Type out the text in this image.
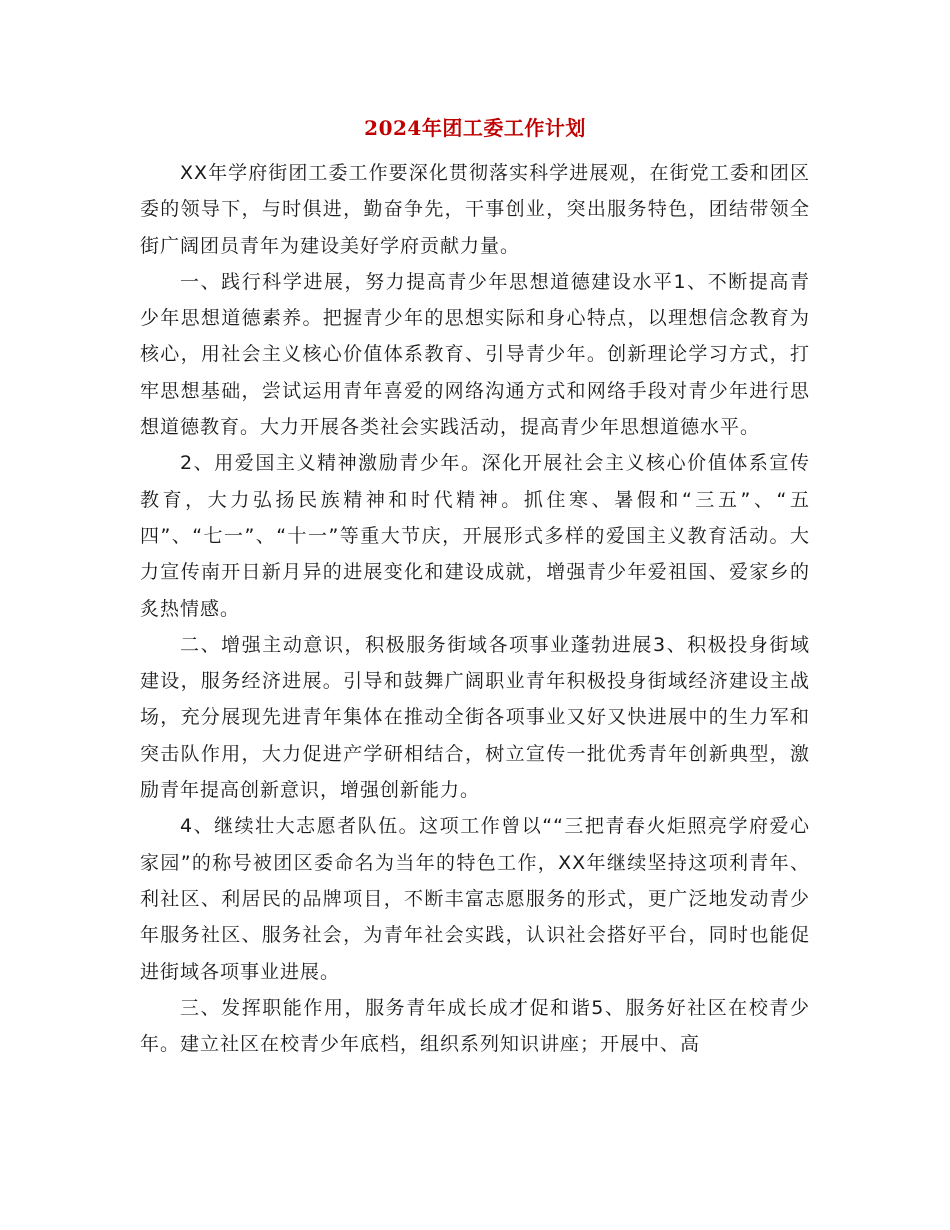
2024年团工委工作计划

XX年学府街团工委工作要深化贯彻落实科学进展观，在街党工委和团区委的领导下，与时俱进，勤奋争先，干事创业，突出服务特色，团结带领全街广阔团员青年为建设美好学府贡献力量。

一、践行科学进展，努力提高青少年思想道德建设水平1、不断提高青少年思想道德素养。把握青少年的思想实际和身心特点，以理想信念教育为核心，用社会主义核心价值体系教育、引导青少年。创新理论学习方式，打牢思想基础，尝试运用青年喜爱的网络沟通方式和网络手段对青少年进行思想道德教育。大力开展各类社会实践活动，提高青少年思想道德水平。

2、用爱国主义精神激励青少年。深化开展社会主义核心价值体系宣传教育，大力弘扬民族精神和时代精神。抓住寒、暑假和“三五”、“五四”、“七一”、“十一”等重大节庆，开展形式多样的爱国主义教育活动。大力宣传南开日新月异的进展变化和建设成就，增强青少年爱祖国、爱家乡的炙热情感。

二、增强主动意识，积极服务街域各项事业蓬勃进展3、积极投身街域建设，服务经济进展。引导和鼓舞广阔职业青年积极投身街域经济建设主战场，充分展现先进青年集体在推动全街各项事业又好又快进展中的生力军和突击队作用，大力促进产学研相结合，树立宣传一批优秀青年创新典型，激励青年提高创新意识，增强创新能力。

4、继续壮大志愿者队伍。这项工作曾以““三把青春火炬照亮学府爱心家园”的称号被团区委命名为当年的特色工作，XX年继续坚持这项利青年、利社区、利居民的品牌项目，不断丰富志愿服务的形式，更广泛地发动青少年服务社区、服务社会，为青年社会实践，认识社会搭好平台，同时也能促进街域各项事业进展。

三、发挥职能作用，服务青年成长成才促和谐5、服务好社区在校青少年。建立社区在校青少年底档，组织系列知识讲座；开展中、高
